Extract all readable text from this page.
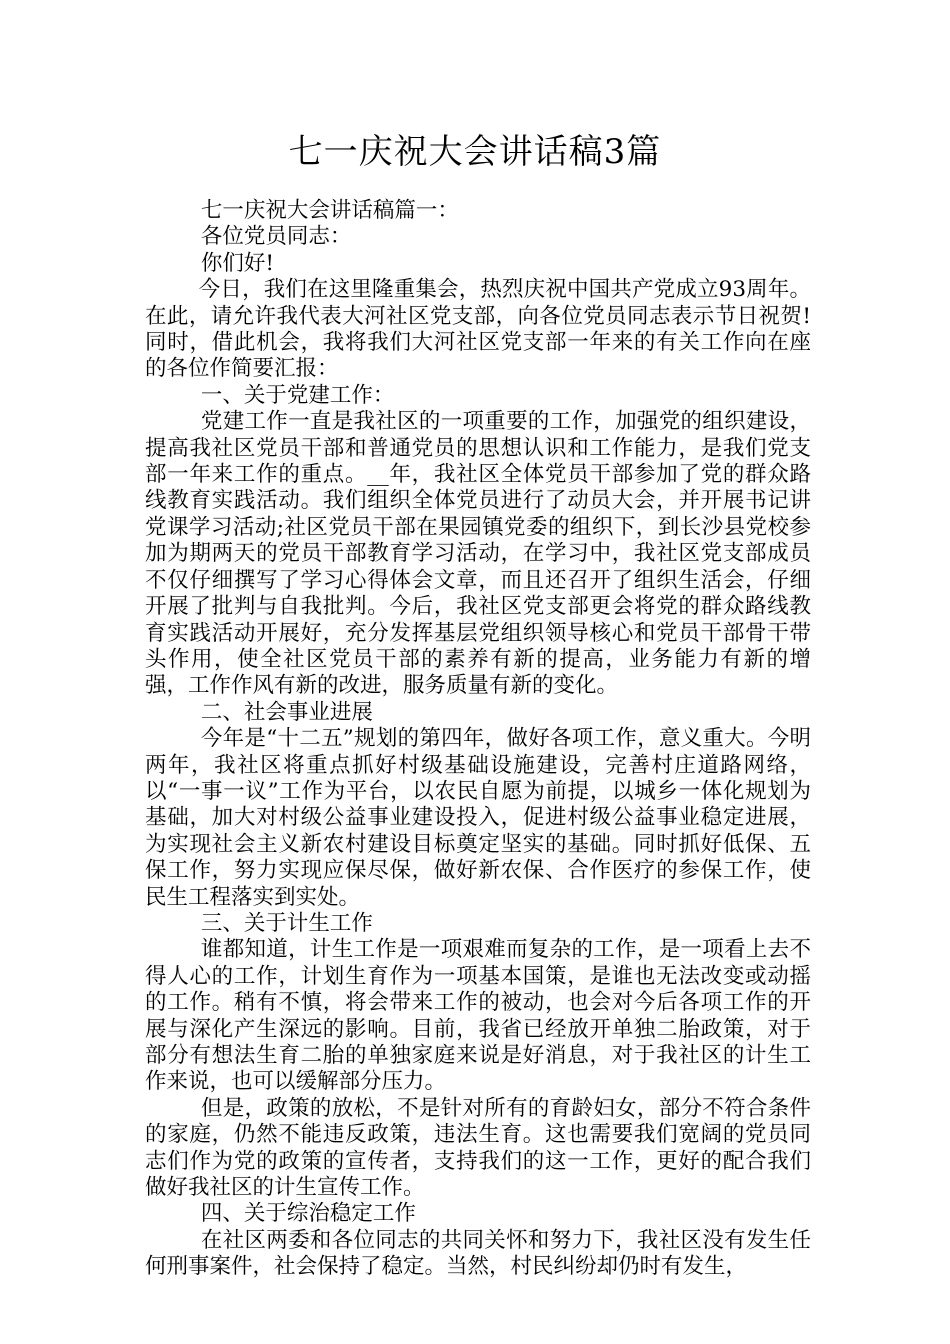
七一庆祝大会讲话稿3篇

七一庆祝大会讲话稿篇一：

各位党员同志：

你们好!

今日，我们在这里隆重集会，热烈庆祝中国共产党成立93周年。在此，请允许我代表大河社区党支部，向各位党员同志表示节日祝贺!同时，借此机会，我将我们大河社区党支部一年来的有关工作向在座的各位作简要汇报：

一、关于党建工作：

党建工作一直是我社区的一项重要的工作，加强党的组织建设，提高我社区党员干部和普通党员的思想认识和工作能力，是我们党支部一年来工作的重点。__年，我社区全体党员干部参加了党的群众路线教育实践活动。我们组织全体党员进行了动员大会，并开展书记讲党课学习活动;社区党员干部在果园镇党委的组织下，到长沙县党校参加为期两天的党员干部教育学习活动，在学习中，我社区党支部成员不仅仔细撰写了学习心得体会文章，而且还召开了组织生活会，仔细开展了批判与自我批判。今后，我社区党支部更会将党的群众路线教育实践活动开展好，充分发挥基层党组织领导核心和党员干部骨干带头作用，使全社区党员干部的素养有新的提高，业务能力有新的增强，工作作风有新的改进，服务质量有新的变化。

二、社会事业进展

今年是“十二五”规划的第四年，做好各项工作，意义重大。今明两年，我社区将重点抓好村级基础设施建设，完善村庄道路网络，以“一事一议”工作为平台，以农民自愿为前提，以城乡一体化规划为基础，加大对村级公益事业建设投入，促进村级公益事业稳定进展，为实现社会主义新农村建设目标奠定坚实的基础。同时抓好低保、五保工作，努力实现应保尽保，做好新农保、合作医疗的参保工作，使民生工程落实到实处。

三、关于计生工作

谁都知道，计生工作是一项艰难而复杂的工作，是一项看上去不得人心的工作，计划生育作为一项基本国策，是谁也无法改变或动摇的工作。稍有不慎，将会带来工作的被动，也会对今后各项工作的开展与深化产生深远的影响。目前，我省已经放开单独二胎政策，对于部分有想法生育二胎的单独家庭来说是好消息，对于我社区的计生工作来说，也可以缓解部分压力。

但是，政策的放松，不是针对所有的育龄妇女，部分不符合条件的家庭，仍然不能违反政策，违法生育。这也需要我们宽阔的党员同志们作为党的政策的宣传者，支持我们的这一工作，更好的配合我们做好我社区的计生宣传工作。

四、关于综治稳定工作

在社区两委和各位同志的共同关怀和努力下，我社区没有发生任何刑事案件，社会保持了稳定。当然，村民纠纷却仍时有发生，
